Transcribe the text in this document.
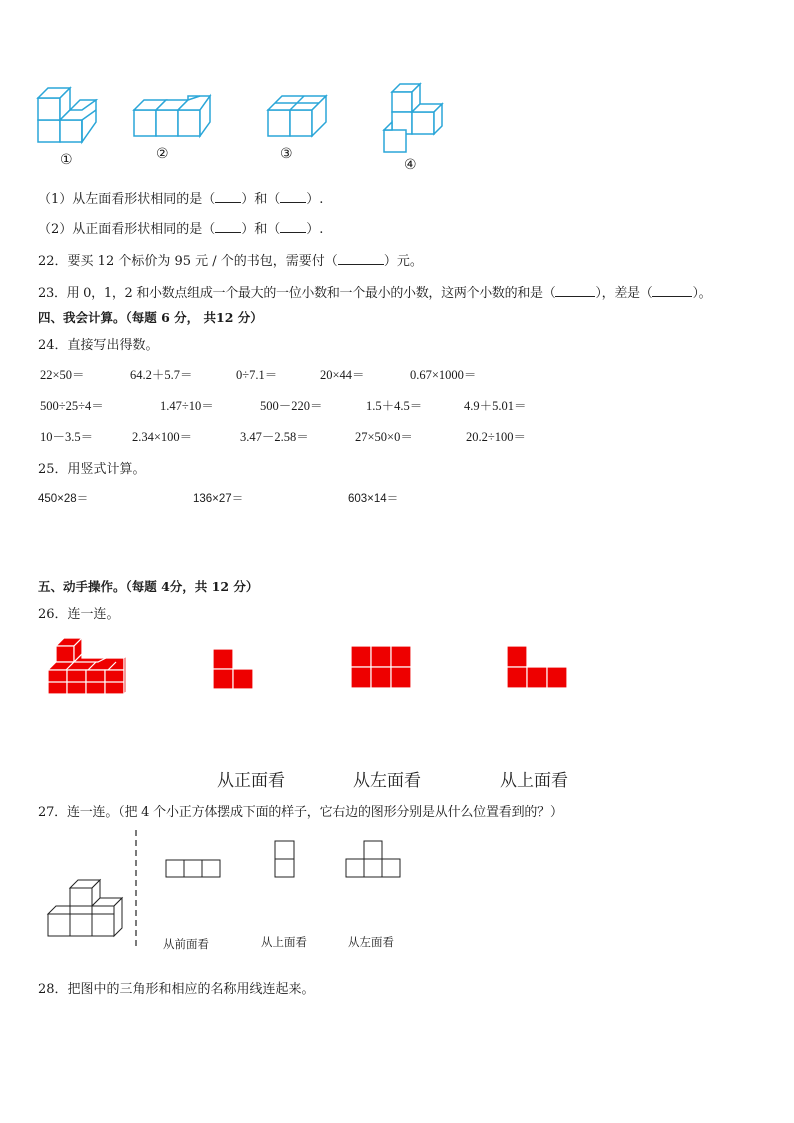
①	②	③
④
（1）从左面看形状相同的是（ ）和（ ）.
（2）从正面看形状相同的是（ ）和（ ）.
22．要买 12 个标价为 95 元 / 个的书包，需要付（	）元。
23．用 0，1，2 和小数点组成一个最大的一位小数和一个最小的小数，这两个小数的和是（	），差是（	）。
四、我会计算。（每题 6 分， 共12 分）
24．直接写出得数。
22×50＝	64.2＋5.7＝	0÷7.1＝	20×44＝	0.67×1000＝
500÷25÷4＝	1.47÷10＝	500－220＝	1.5＋4.5＝	4.9＋5.01＝
10－3.5＝	2.34×100＝	3.47－2.58＝	27×50×0＝	20.2÷100＝
25．用竖式计算。
450×28＝	136×27＝	603×14＝
五、动手操作。（每题 4分，共 12 分）
26．连一连。
从正面看	从左面看	从上面看
27．连一连。（把 4 个小正方体摆成下面的样子，它右边的图形分别是从什么位置看到的？）
从前面看	从上面看	从左面看
28．把图中的三角形和相应的名称用线连起来。
